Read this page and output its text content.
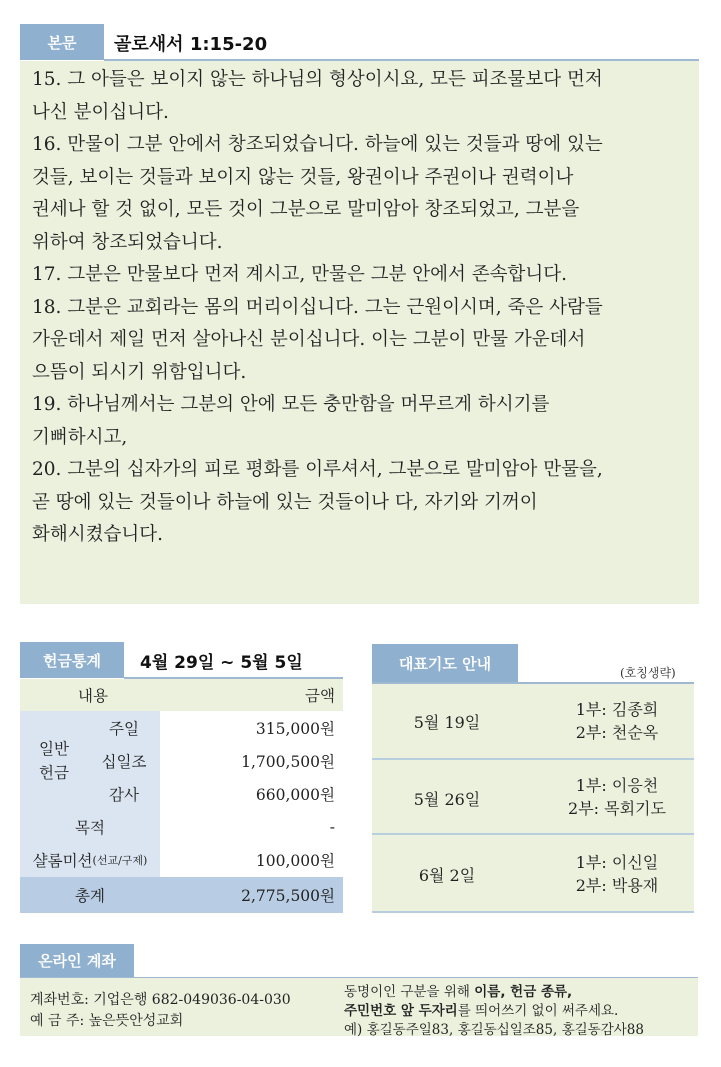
본문	골로새서 1:15-20
15. 그 아들은 보이지 않는 하나님의 형상이시요, 모든 피조물보다 먼저
나신 분이십니다.
16. 만물이 그분 안에서 창조되었습니다. 하늘에 있는 것들과 땅에 있는
것들, 보이는 것들과 보이지 않는 것들, 왕권이나 주권이나 권력이나
권세나 할 것 없이, 모든 것이 그분으로 말미암아 창조되었고, 그분을
위하여 창조되었습니다.
17. 그분은 만물보다 먼저 계시고, 만물은 그분 안에서 존속합니다.
18. 그분은 교회라는 몸의 머리이십니다. 그는 근원이시며, 죽은 사람들
가운데서 제일 먼저 살아나신 분이십니다. 이는 그분이 만물 가운데서
으뜸이 되시기 위함입니다.
19. 하나님께서는 그분의 안에 모든 충만함을 머무르게 하시기를
기뻐하시고,
20. 그분의 십자가의 피로 평화를 이루셔서, 그분으로 말미암아 만물을,
곧 땅에 있는 것들이나 하늘에 있는 것들이나 다, 자기와 기꺼이
화해시켰습니다.
헌금통계	4월 29일 ~ 5월 5일
내용	금액
일반
헌금
주일	315,000원
십일조	1,700,500원
감사	660,000원
목적	-
샬롬미션 (선교/구제)	100,000원
총계	2,775,500원
대표기도 안내
(호칭생략)
5월 19일
1부: 김종희
2부: 천순옥
5월 26일
1부: 이응천
2부: 목회기도
6월 2일
1부: 이신일
2부: 박용재
온라인 계좌
계좌번호: 기업은행 682-049036-04-030
예 금 주: 높은뜻안성교회
동명이인 구분을 위해 이름, 헌금 종류,
주민번호 앞 두자리를 띄어쓰기 없이 써주세요.
예) 홍길동주일83, 홍길동십일조85, 홍길동감사88
